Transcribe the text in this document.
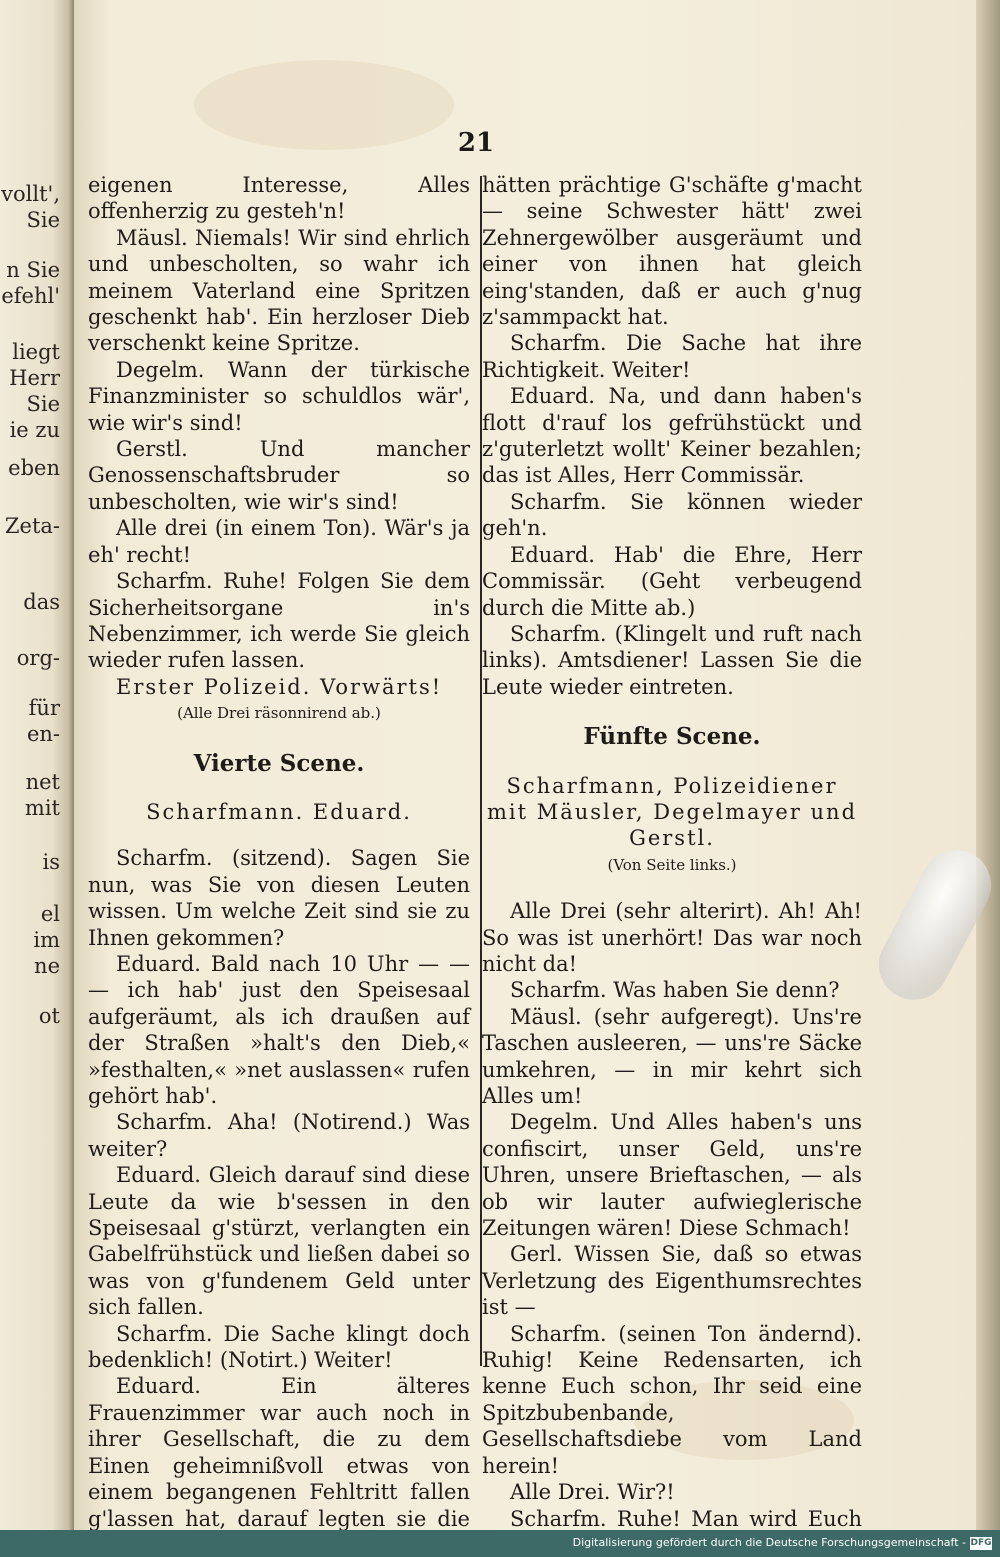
vollt',
Sie
n Sie
efehl'
liegt
Herr
Sie
ie zu
eben
Zeta-
das
org-
für
en-
net
mit
is
el
im
ne
ot
21

eigenen Interesse, Alles offenherzig zu gesteh'n!

Mäusl. Niemals! Wir sind ehrlich und unbescholten, so wahr ich meinem Vaterland eine Spritzen geschenkt hab'. Ein herzloser Dieb verschenkt keine Spritze.

Degelm. Wann der türkische Finanzminister so schuldlos wär', wie wir's sind!

Gerstl. Und mancher Genossenschaftsbruder so unbescholten, wie wir's sind!

Alle drei (in einem Ton). Wär's ja eh' recht!

Scharfm. Ruhe! Folgen Sie dem Sicherheitsorgane in's Nebenzimmer, ich werde Sie gleich wieder rufen lassen.

Erster Polizeid. Vorwärts!

(Alle Drei räsonnirend ab.)

Vierte Scene.

Scharfmann. Eduard.

Scharfm. (sitzend). Sagen Sie nun, was Sie von diesen Leuten wissen. Um welche Zeit sind sie zu Ihnen gekommen?

Eduard. Bald nach 10 Uhr — — — ich hab' just den Speisesaal aufgeräumt, als ich draußen auf der Straßen »halt's den Dieb,« »festhalten,« »net auslassen« rufen gehört hab'.

Scharfm. Aha! (Notirend.) Was weiter?

Eduard. Gleich darauf sind diese Leute da wie b'sessen in den Speisesaal g'stürzt, verlangten ein Gabelfrühstück und ließen dabei so was von g'fundenem Geld unter sich fallen.

Scharfm. Die Sache klingt doch bedenklich! (Notirt.) Weiter!

Eduard. Ein älteres Frauenzimmer war auch noch in ihrer Gesellschaft, die zu dem Einen geheimnißvoll etwas von einem begangenen Fehltritt fallen g'lassen hat, darauf legten sie die

hätten prächtige G'schäfte g'macht — seine Schwester hätt' zwei Zehnergewölber ausgeräumt und einer von ihnen hat gleich eing'standen, daß er auch g'nug z'sammpackt hat.

Scharfm. Die Sache hat ihre Richtigkeit. Weiter!

Eduard. Na, und dann haben's flott d'rauf los gefrühstückt und z'guterletzt wollt' Keiner bezahlen; das ist Alles, Herr Commissär.

Scharfm. Sie können wieder geh'n.

Eduard. Hab' die Ehre, Herr Commissär. (Geht verbeugend durch die Mitte ab.)

Scharfm. (Klingelt und ruft nach links). Amtsdiener! Lassen Sie die Leute wieder eintreten.

Fünfte Scene.

Scharfmann, Polizeidiener mit Mäusler, Degelmayer und Gerstl.

(Von Seite links.)

Alle Drei (sehr alterirt). Ah! Ah! So was ist unerhört! Das war noch nicht da!

Scharfm. Was haben Sie denn?

Mäusl. (sehr aufgeregt). Uns're Taschen ausleeren, — uns're Säcke umkehren, — in mir kehrt sich Alles um!

Degelm. Und Alles haben's uns confiscirt, unser Geld, uns're Uhren, unsere Brieftaschen, — als ob wir lauter aufwieglerische Zeitungen wären! Diese Schmach!

Gerl. Wissen Sie, daß so etwas Verletzung des Eigenthumsrechtes ist —

Scharfm. (seinen Ton ändernd). Ruhig! Keine Redensarten, ich kenne Euch schon, Ihr seid eine Spitzbubenbande, Gesellschaftsdiebe vom Land herein!

Alle Drei. Wir?!

Scharfm. Ruhe! Man wird Euch

Digitalisierung gefördert durch die Deutsche Forschungsgemeinschaft - DFG
